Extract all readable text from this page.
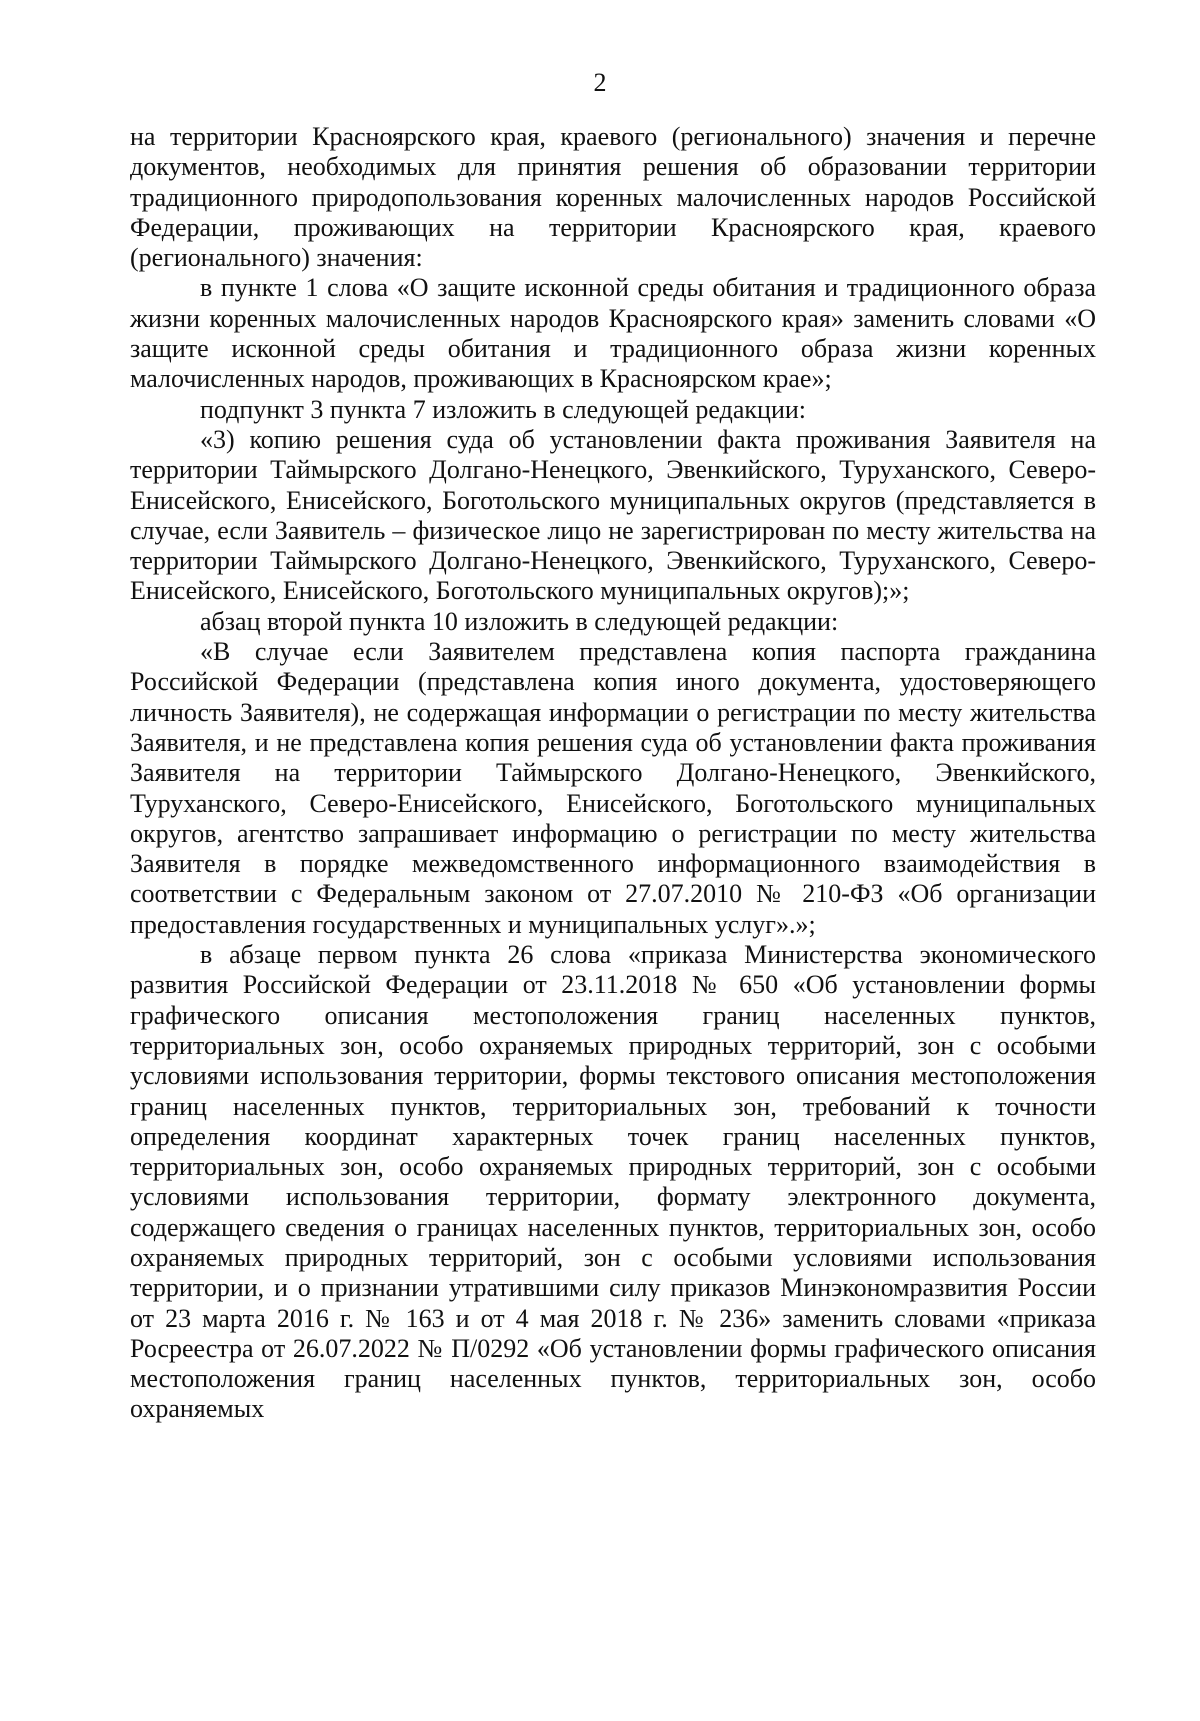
2

на территории Красноярского края, краевого (регионального) значения и перечне документов, необходимых для принятия решения об образовании территории традиционного природопользования коренных малочисленных народов Российской Федерации, проживающих на территории Красноярского края, краевого (регионального) значения:

в пункте 1 слова «О защите исконной среды обитания и традиционного образа жизни коренных малочисленных народов Красноярского края» заменить словами «О защите исконной среды обитания и традиционного образа жизни коренных малочисленных народов, проживающих в Красноярском крае»;

подпункт 3 пункта 7 изложить в следующей редакции:

«3) копию решения суда об установлении факта проживания Заявителя на территории Таймырского Долгано-Ненецкого, Эвенкийского, Туруханского, Северо-Енисейского, Енисейского, Боготольского муниципальных округов (представляется в случае, если Заявитель – физическое лицо не зарегистрирован по месту жительства на территории Таймырского Долгано-Ненецкого, Эвенкийского, Туруханского, Северо-Енисейского, Енисейского, Боготольского муниципальных округов);»;

абзац второй пункта 10 изложить в следующей редакции:

«В случае если Заявителем представлена копия паспорта гражданина Российской Федерации (представлена копия иного документа, удостоверяющего личность Заявителя), не содержащая информации о регистрации по месту жительства Заявителя, и не представлена копия решения суда об установлении факта проживания Заявителя на территории Таймырского Долгано-Ненецкого, Эвенкийского, Туруханского, Северо-Енисейского, Енисейского, Боготольского муниципальных округов, агентство запрашивает информацию о регистрации по месту жительства Заявителя в порядке межведомственного информационного взаимодействия в соответствии с Федеральным законом от 27.07.2010 № 210-ФЗ «Об организации предоставления государственных и муниципальных услуг».»;

в абзаце первом пункта 26 слова «приказа Министерства экономического развития Российской Федерации от 23.11.2018 № 650 «Об установлении формы графического описания местоположения границ населенных пунктов, территориальных зон, особо охраняемых природных территорий, зон с особыми условиями использования территории, формы текстового описания местоположения границ населенных пунктов, территориальных зон, требований к точности определения координат характерных точек границ населенных пунктов, территориальных зон, особо охраняемых природных территорий, зон с особыми условиями использования территории, формату электронного документа, содержащего сведения о границах населенных пунктов, территориальных зон, особо охраняемых природных территорий, зон с особыми условиями использования территории, и о признании утратившими силу приказов Минэкономразвития России от 23 марта 2016 г. № 163 и от 4 мая 2018 г. № 236» заменить словами «приказа Росреестра от 26.07.2022 № П/0292 «Об установлении формы графического описания местоположения границ населенных пунктов, территориальных зон, особо охраняемых
